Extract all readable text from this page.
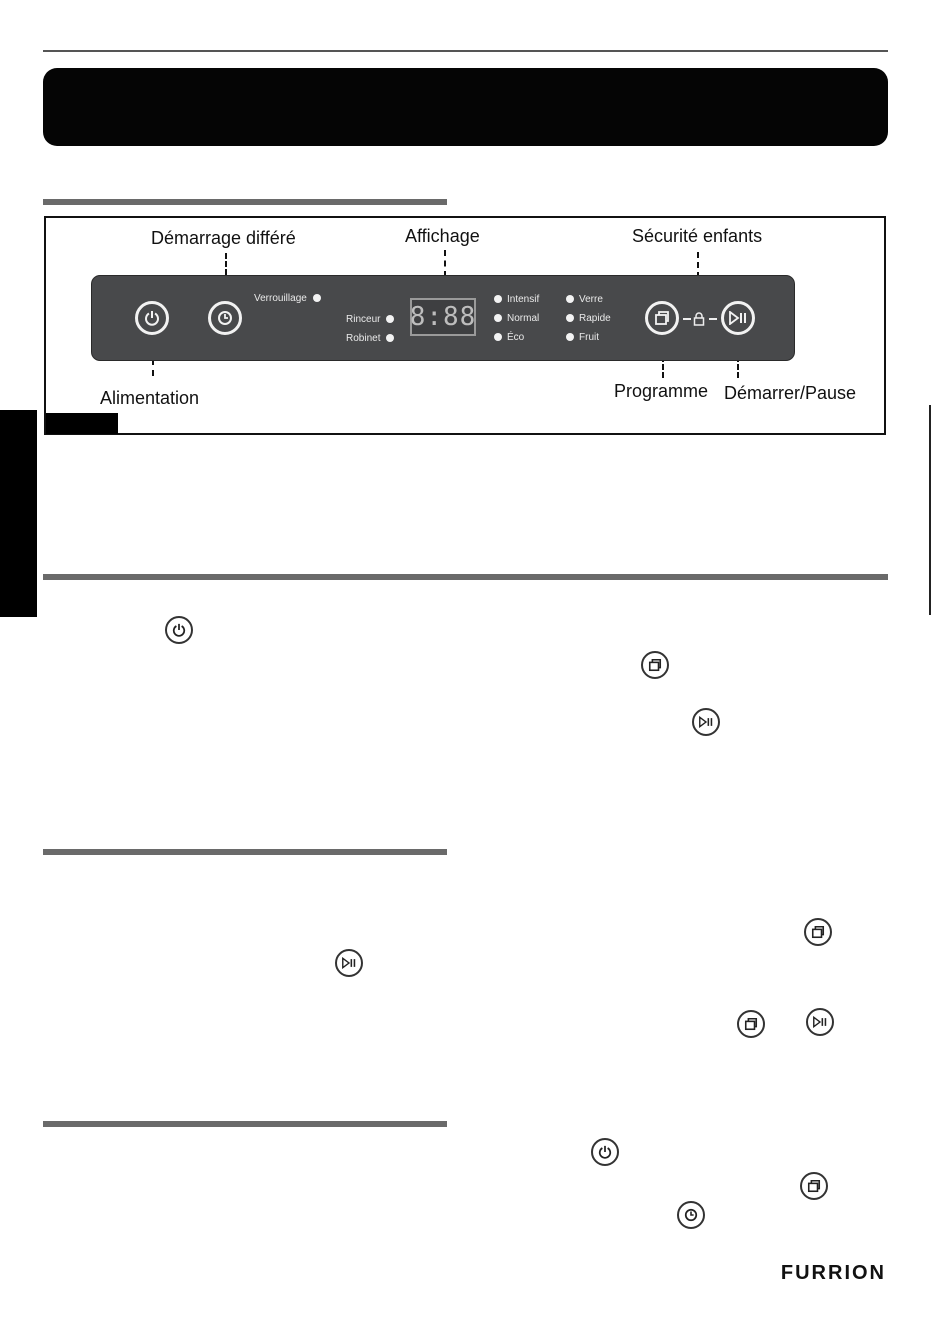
Démarrage différé	Affichage	Sécurité enfants
Alimentation	Programme Démarrer/Pause
Verrouillage
Rinceur
Robinet
8:88
Intensif
Normal
Éco
Verre
Rapide
Fruit
FURRION
